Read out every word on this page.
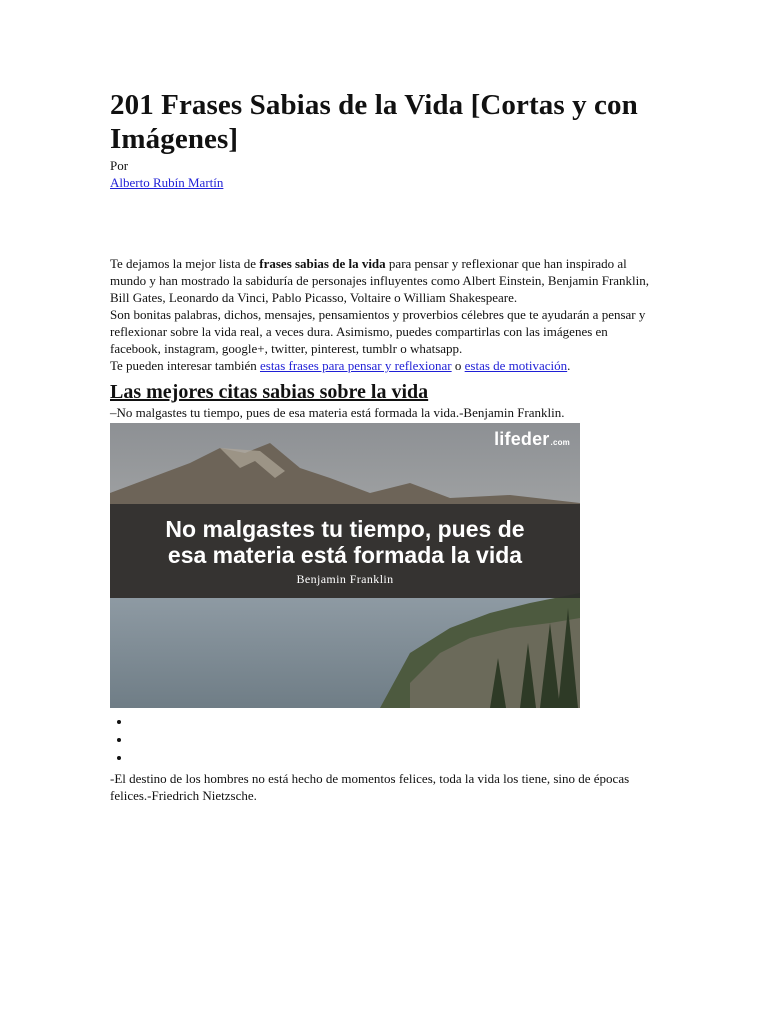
201 Frases Sabias de la Vida [Cortas y con Imágenes]
Por
Alberto Rubín Martín

Te dejamos la mejor lista de frases sabias de la vida para pensar y reflexionar que han inspirado al mundo y han mostrado la sabiduría de personajes influyentes como Albert Einstein, Benjamin Franklin, Bill Gates, Leonardo da Vinci, Pablo Picasso, Voltaire o William Shakespeare.

Son bonitas palabras, dichos, mensajes, pensamientos y proverbios célebres que te ayudarán a pensar y reflexionar sobre la vida real, a veces dura. Asimismo, puedes compartirlas con las imágenes en facebook, instagram, google+, twitter, pinterest, tumblr o whatsapp.

Te pueden interesar también estas frases para pensar y reflexionar o estas de motivación.

Las mejores citas sabias sobre la vida
–No malgastes tu tiempo, pues de esa materia está formada la vida.-Benjamin Franklin.
lifeder.com
No malgastes tu tiempo, pues de
esa materia está formada la vida
Benjamin Franklin
•
•
•
-El destino de los hombres no está hecho de momentos felices, toda la vida los tiene, sino de épocas felices.-Friedrich Nietzsche.
